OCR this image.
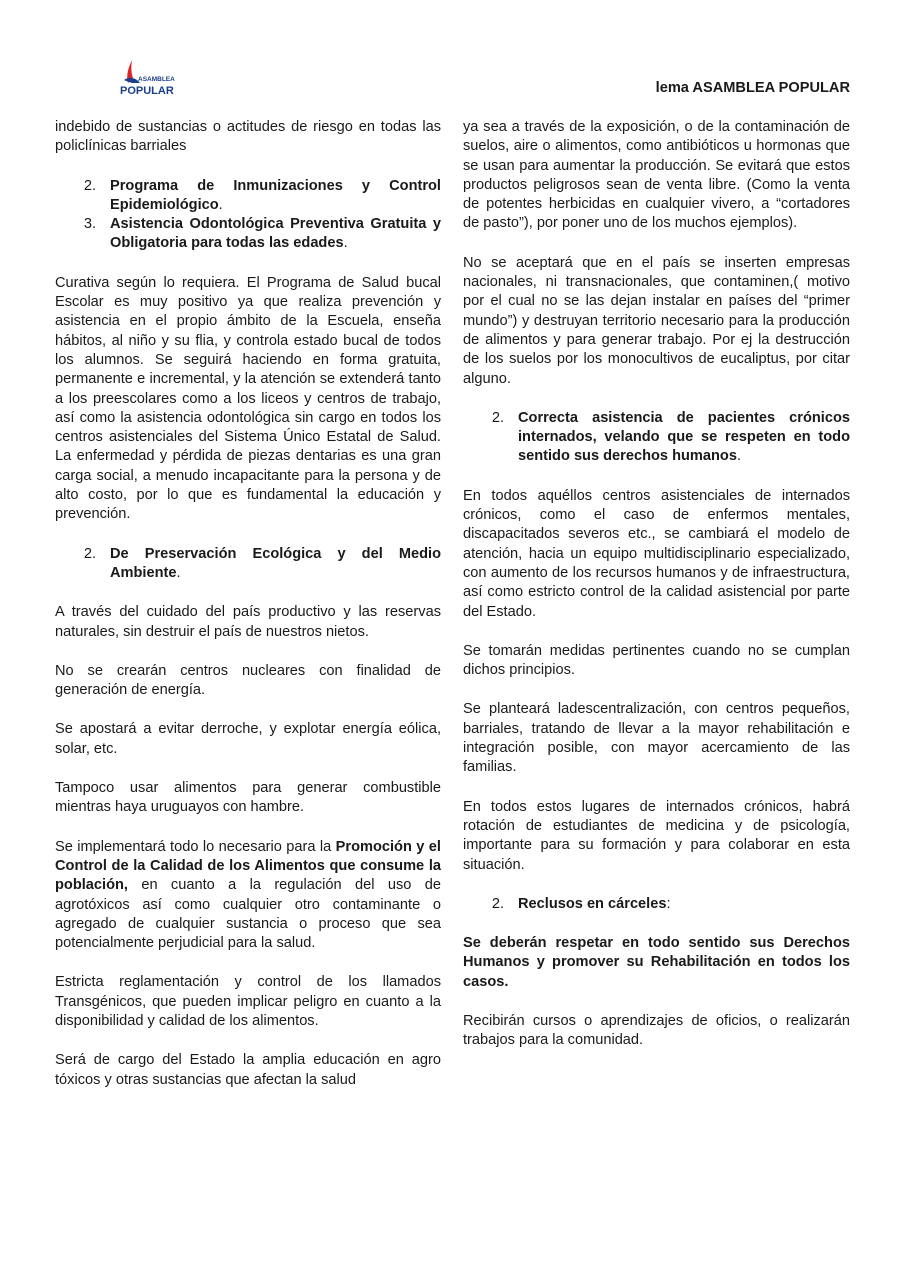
ASAMBLEA
POPULAR	lema ASAMBLEA POPULAR

indebido de sustancias o actitudes de riesgo en todas las policlínicas barriales

2. Programa de Inmunizaciones y Control Epidemiológico.
3. Asistencia Odontológica Preventiva Gratuita y Obligatoria para todas las edades.

Curativa según lo requiera. El Programa de Salud bucal Escolar es muy positivo ya que realiza prevención y asistencia en el propio ámbito de la Escuela, enseña hábitos, al niño y su flia, y controla estado bucal de todos los alumnos. Se seguirá haciendo en forma gratuita, permanente e incremental, y la atención se extenderá tanto a los preescolares como a los liceos y centros de trabajo, así como la asistencia odontológica sin cargo en todos los centros asistenciales del Sistema Único Estatal de Salud. La enfermedad y pérdida de piezas dentarias es una gran carga social, a menudo incapacitante para la persona y de alto costo, por lo que es fundamental la educación y prevención.

2. De Preservación Ecológica y del Medio Ambiente.

A través del cuidado del país productivo y las reservas naturales, sin destruir el país de nuestros nietos.

No se crearán centros nucleares con finalidad de generación de energía.

Se apostará a evitar derroche, y explotar energía eólica, solar, etc.

Tampoco usar alimentos para generar combustible mientras haya uruguayos con hambre.

Se implementará todo lo necesario para la Promoción y el Control de la Calidad de los Alimentos que consume la población, en cuanto a la regulación del uso de agrotóxicos así como cualquier otro contaminante o agregado de cualquier sustancia o proceso que sea potencialmente perjudicial para la salud.

Estricta reglamentación y control de los llamados Transgénicos, que pueden implicar peligro en cuanto a la disponibilidad y calidad de los alimentos.

Será de cargo del Estado la amplia educación en agro tóxicos y otras sustancias que afectan la salud

ya sea a través de la exposición, o de la contaminación de suelos, aire o alimentos, como antibióticos u hormonas que se usan para aumentar la producción. Se evitará que estos productos peligrosos sean de venta libre. (Como la venta de potentes herbicidas en cualquier vivero, a “cortadores de pasto”), por poner uno de los muchos ejemplos).

No se aceptará que en el país se inserten empresas nacionales, ni transnacionales, que contaminen,( motivo por el cual no se las dejan instalar en países del “primer mundo”) y destruyan territorio necesario para la producción de alimentos y para generar trabajo. Por ej la destrucción de los suelos por los monocultivos de eucaliptus, por citar alguno.

2. Correcta asistencia de pacientes crónicos internados, velando que se respeten en todo sentido sus derechos humanos.

En todos aquéllos centros asistenciales de internados crónicos, como el caso de enfermos mentales, discapacitados severos etc., se cambiará el modelo de atención, hacia un equipo multidisciplinario especializado, con aumento de los recursos humanos y de infraestructura, así como estricto control de la calidad asistencial por parte del Estado.

Se tomarán medidas pertinentes cuando no se cumplan dichos principios.

Se planteará ladescentralización, con centros pequeños, barriales, tratando de llevar a la mayor rehabilitación e integración posible, con mayor acercamiento de las familias.

En todos estos lugares de internados crónicos, habrá rotación de estudiantes de medicina y de psicología, importante para su formación y para colaborar en esta situación.

2. Reclusos en cárceles:

Se deberán respetar en todo sentido sus Derechos Humanos y promover su Rehabilitación en todos los casos.

Recibirán cursos o aprendizajes de oficios, o realizarán trabajos para la comunidad.
